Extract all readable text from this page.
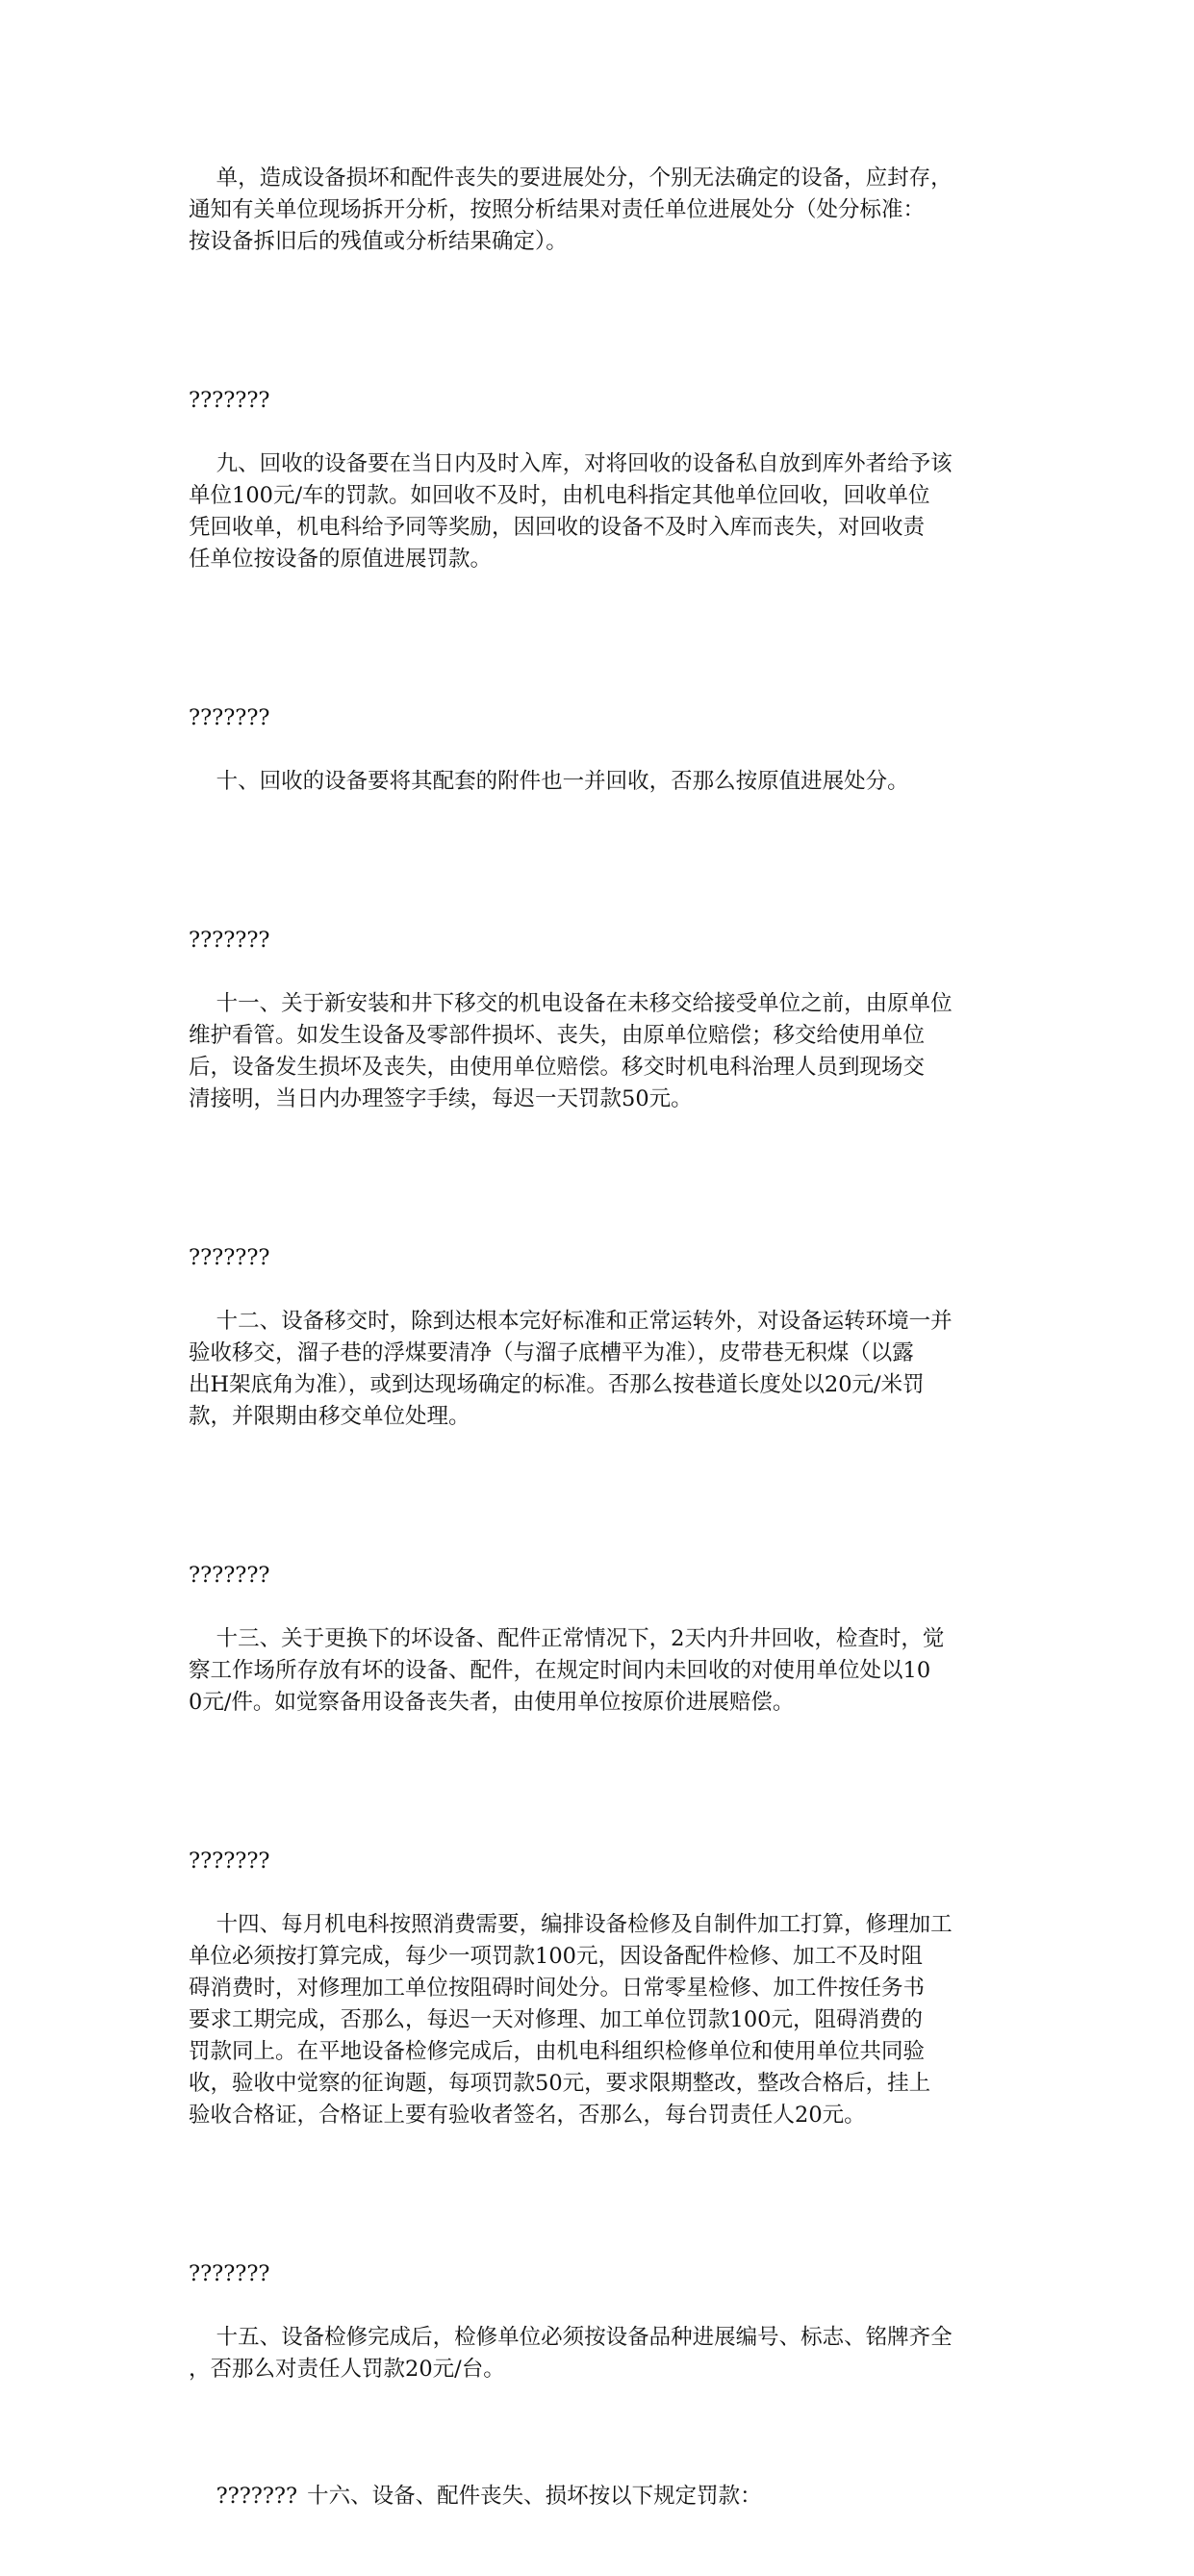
单，造成设备损坏和配件丧失的要进展处分，个别无法确定的设备，应封存，
通知有关单位现场拆开分析，按照分析结果对责任单位进展处分（处分标准：
按设备拆旧后的残值或分析结果确定）。

???????

九、回收的设备要在当日内及时入库，对将回收的设备私自放到库外者给予该
单位100元/车的罚款。如回收不及时，由机电科指定其他单位回收，回收单位
凭回收单，机电科给予同等奖励，因回收的设备不及时入库而丧失，对回收责
任单位按设备的原值进展罚款。

???????

十、回收的设备要将其配套的附件也一并回收，否那么按原值进展处分。

???????

十一、关于新安装和井下移交的机电设备在未移交给接受单位之前，由原单位
维护看管。如发生设备及零部件损坏、丧失，由原单位赔偿；移交给使用单位
后，设备发生损坏及丧失，由使用单位赔偿。移交时机电科治理人员到现场交
清接明，当日内办理签字手续，每迟一天罚款50元。

???????

十二、设备移交时，除到达根本完好标准和正常运转外，对设备运转环境一并
验收移交，溜子巷的浮煤要清净（与溜子底槽平为准），皮带巷无积煤（以露
出H架底角为准），或到达现场确定的标准。否那么按巷道长度处以20元/米罚
款，并限期由移交单位处理。

???????

十三、关于更换下的坏设备、配件正常情况下，2天内升井回收，检查时，觉
察工作场所存放有坏的设备、配件，在规定时间内未回收的对使用单位处以10
0元/件。如觉察备用设备丧失者，由使用单位按原价进展赔偿。

???????

十四、每月机电科按照消费需要，编排设备检修及自制件加工打算，修理加工
单位必须按打算完成，每少一项罚款100元，因设备配件检修、加工不及时阻
碍消费时，对修理加工单位按阻碍时间处分。日常零星检修、加工件按任务书
要求工期完成，否那么，每迟一天对修理、加工单位罚款100元，阻碍消费的
罚款同上。在平地设备检修完成后，由机电科组织检修单位和使用单位共同验
收，验收中觉察的征询题，每项罚款50元，要求限期整改，整改合格后，挂上
验收合格证，合格证上要有验收者签名，否那么，每台罚责任人20元。

???????

十五、设备检修完成后，检修单位必须按设备品种进展编号、标志、铭牌齐全
，否那么对责任人罚款20元/台。

??????? 十六、设备、配件丧失、损坏按以下规定罚款：
